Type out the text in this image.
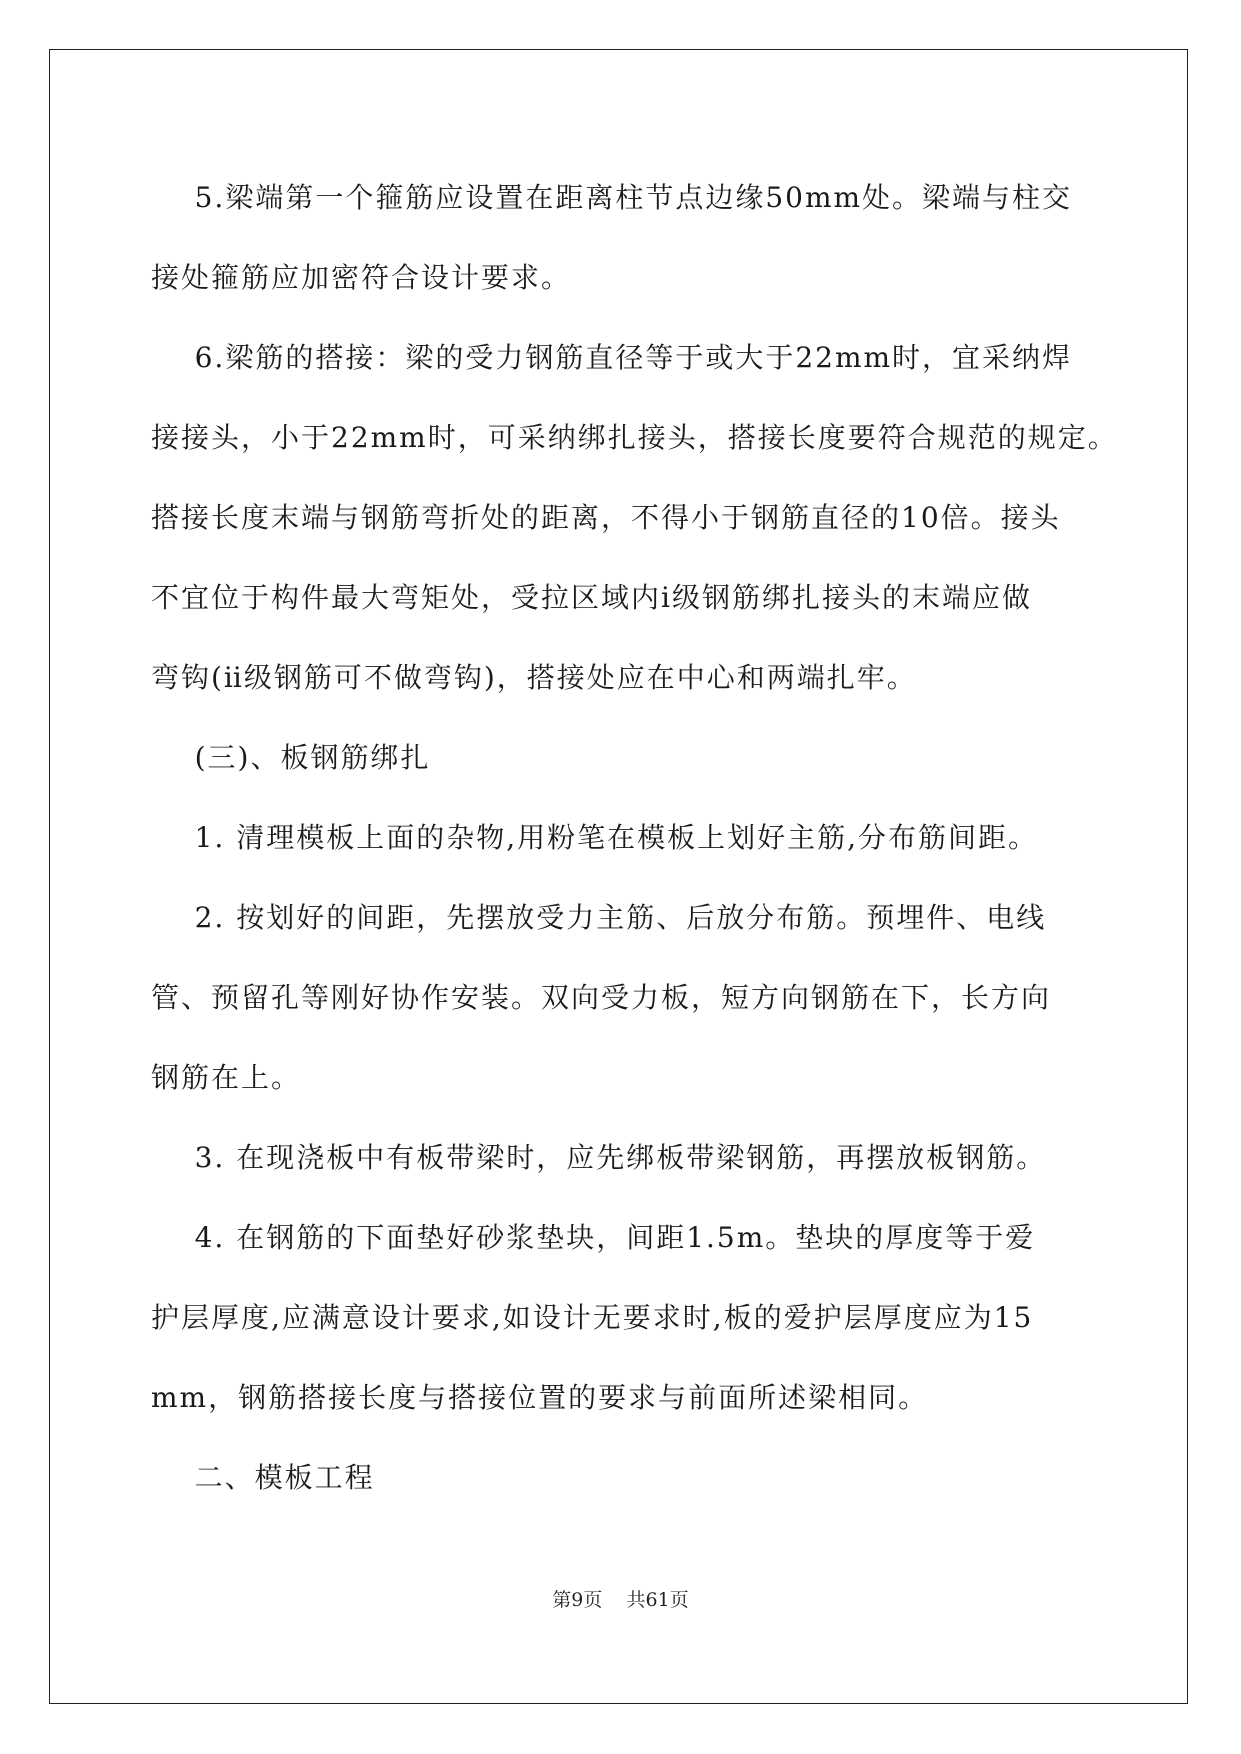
5.梁端第一个箍筋应设置在距离柱节点边缘50mm处。梁端与柱交
接处箍筋应加密符合设计要求。
6.梁筋的搭接：梁的受力钢筋直径等于或大于22mm时，宜采纳焊
接接头，小于22mm时，可采纳绑扎接头，搭接长度要符合规范的规定。
搭接长度末端与钢筋弯折处的距离，不得小于钢筋直径的10倍。接头
不宜位于构件最大弯矩处，受拉区域内ⅰ级钢筋绑扎接头的末端应做
弯钩(ⅱ级钢筋可不做弯钩)，搭接处应在中心和两端扎牢。
(三)、板钢筋绑扎
1. 清理模板上面的杂物,用粉笔在模板上划好主筋,分布筋间距。
2. 按划好的间距，先摆放受力主筋、后放分布筋。预埋件、电线
管、预留孔等刚好协作安装。双向受力板，短方向钢筋在下，长方向
钢筋在上。
3. 在现浇板中有板带梁时，应先绑板带梁钢筋，再摆放板钢筋。
4. 在钢筋的下面垫好砂浆垫块，间距1.5m。垫块的厚度等于爱
护层厚度,应满意设计要求,如设计无要求时,板的爱护层厚度应为15
mm，钢筋搭接长度与搭接位置的要求与前面所述梁相同。
二、模板工程
第9页 共61页
